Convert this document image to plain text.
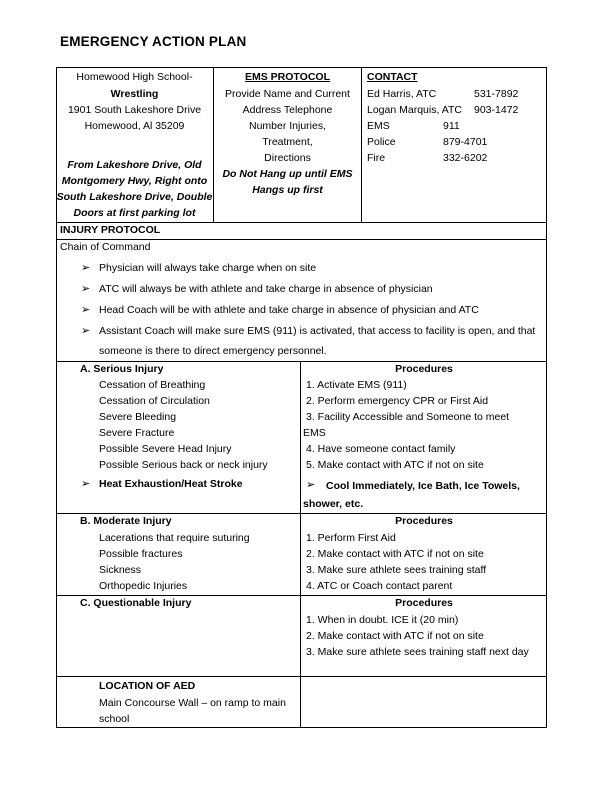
EMERGENCY ACTION PLAN
Homewood High School-
Wrestling
1901 South Lakeshore Drive
Homewood, Al 35209
From Lakeshore Drive, Old
Montgomery Hwy, Right onto
South Lakeshore Drive, Double
Doors at first parking lot
EMS PROTOCOL
Provide Name and Current
Address Telephone
Number Injuries,
Treatment,
Directions
Do Not Hang up until EMS
Hangs up first
CONTACT
Ed Harris, ATC	531-7892
Logan Marquis, ATC 903-1472
EMS	911
Police	879-4701
Fire	332-6202
INJURY PROTOCOL
Chain of Command
➢ Physician will always take charge when on site
➢ ATC will always be with athlete and take charge in absence of physician
➢ Head Coach will be with athlete and take charge in absence of physician and ATC
➢ Assistant Coach will make sure EMS (911) is activated, that access to facility is open, and that
someone is there to direct emergency personnel.
A. Serious Injury
Cessation of Breathing
Cessation of Circulation
Severe Bleeding
Severe Fracture
Possible Severe Head Injury
Possible Serious back or neck injury
➢ Heat Exhaustion/Heat Stroke
Procedures
1. Activate EMS (911)
2. Perform emergency CPR or First Aid
3. Facility Accessible and Someone to meet
EMS
4. Have someone contact family
5. Make contact with ATC if not on site
➢ Cool Immediately, Ice Bath, Ice Towels,
shower, etc.
B. Moderate Injury
Lacerations that require suturing
Possible fractures
Sickness
Orthopedic Injuries
Procedures
1. Perform First Aid
2. Make contact with ATC if not on site
3. Make sure athlete sees training staff
4. ATC or Coach contact parent
C. Questionable Injury	Procedures
1. When in doubt. ICE it (20 min)
2. Make contact with ATC if not on site
3. Make sure athlete sees training staff next day
LOCATION OF AED
Main Concourse Wall – on ramp to main
school
